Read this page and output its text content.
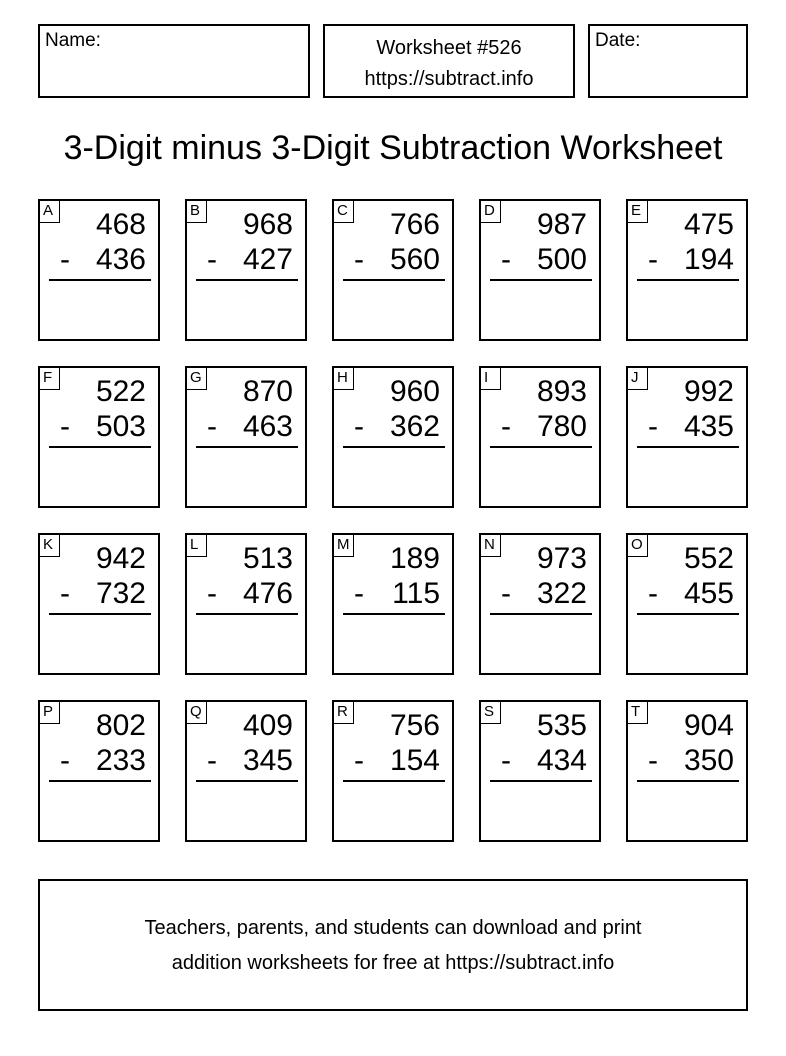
Name:	Worksheet #526
https://subtract.info
Date:
3-Digit minus 3-Digit Subtraction Worksheet
A 468
- 436
B 968
- 427
C 766
- 560
D 987
- 500
E 475
- 194
F 522
- 503
G 870
- 463
H 960
- 362
I	893
- 780
J	992
- 435
K 942
- 732
L 513
- 476
M 189
- 115
N 973
- 322
O 552
- 455
P 802
- 233
Q 409
- 345
R 756
- 154
S 535
- 434
T 904
- 350
Teachers, parents, and students can download and print
addition worksheets for free at https://subtract.info
